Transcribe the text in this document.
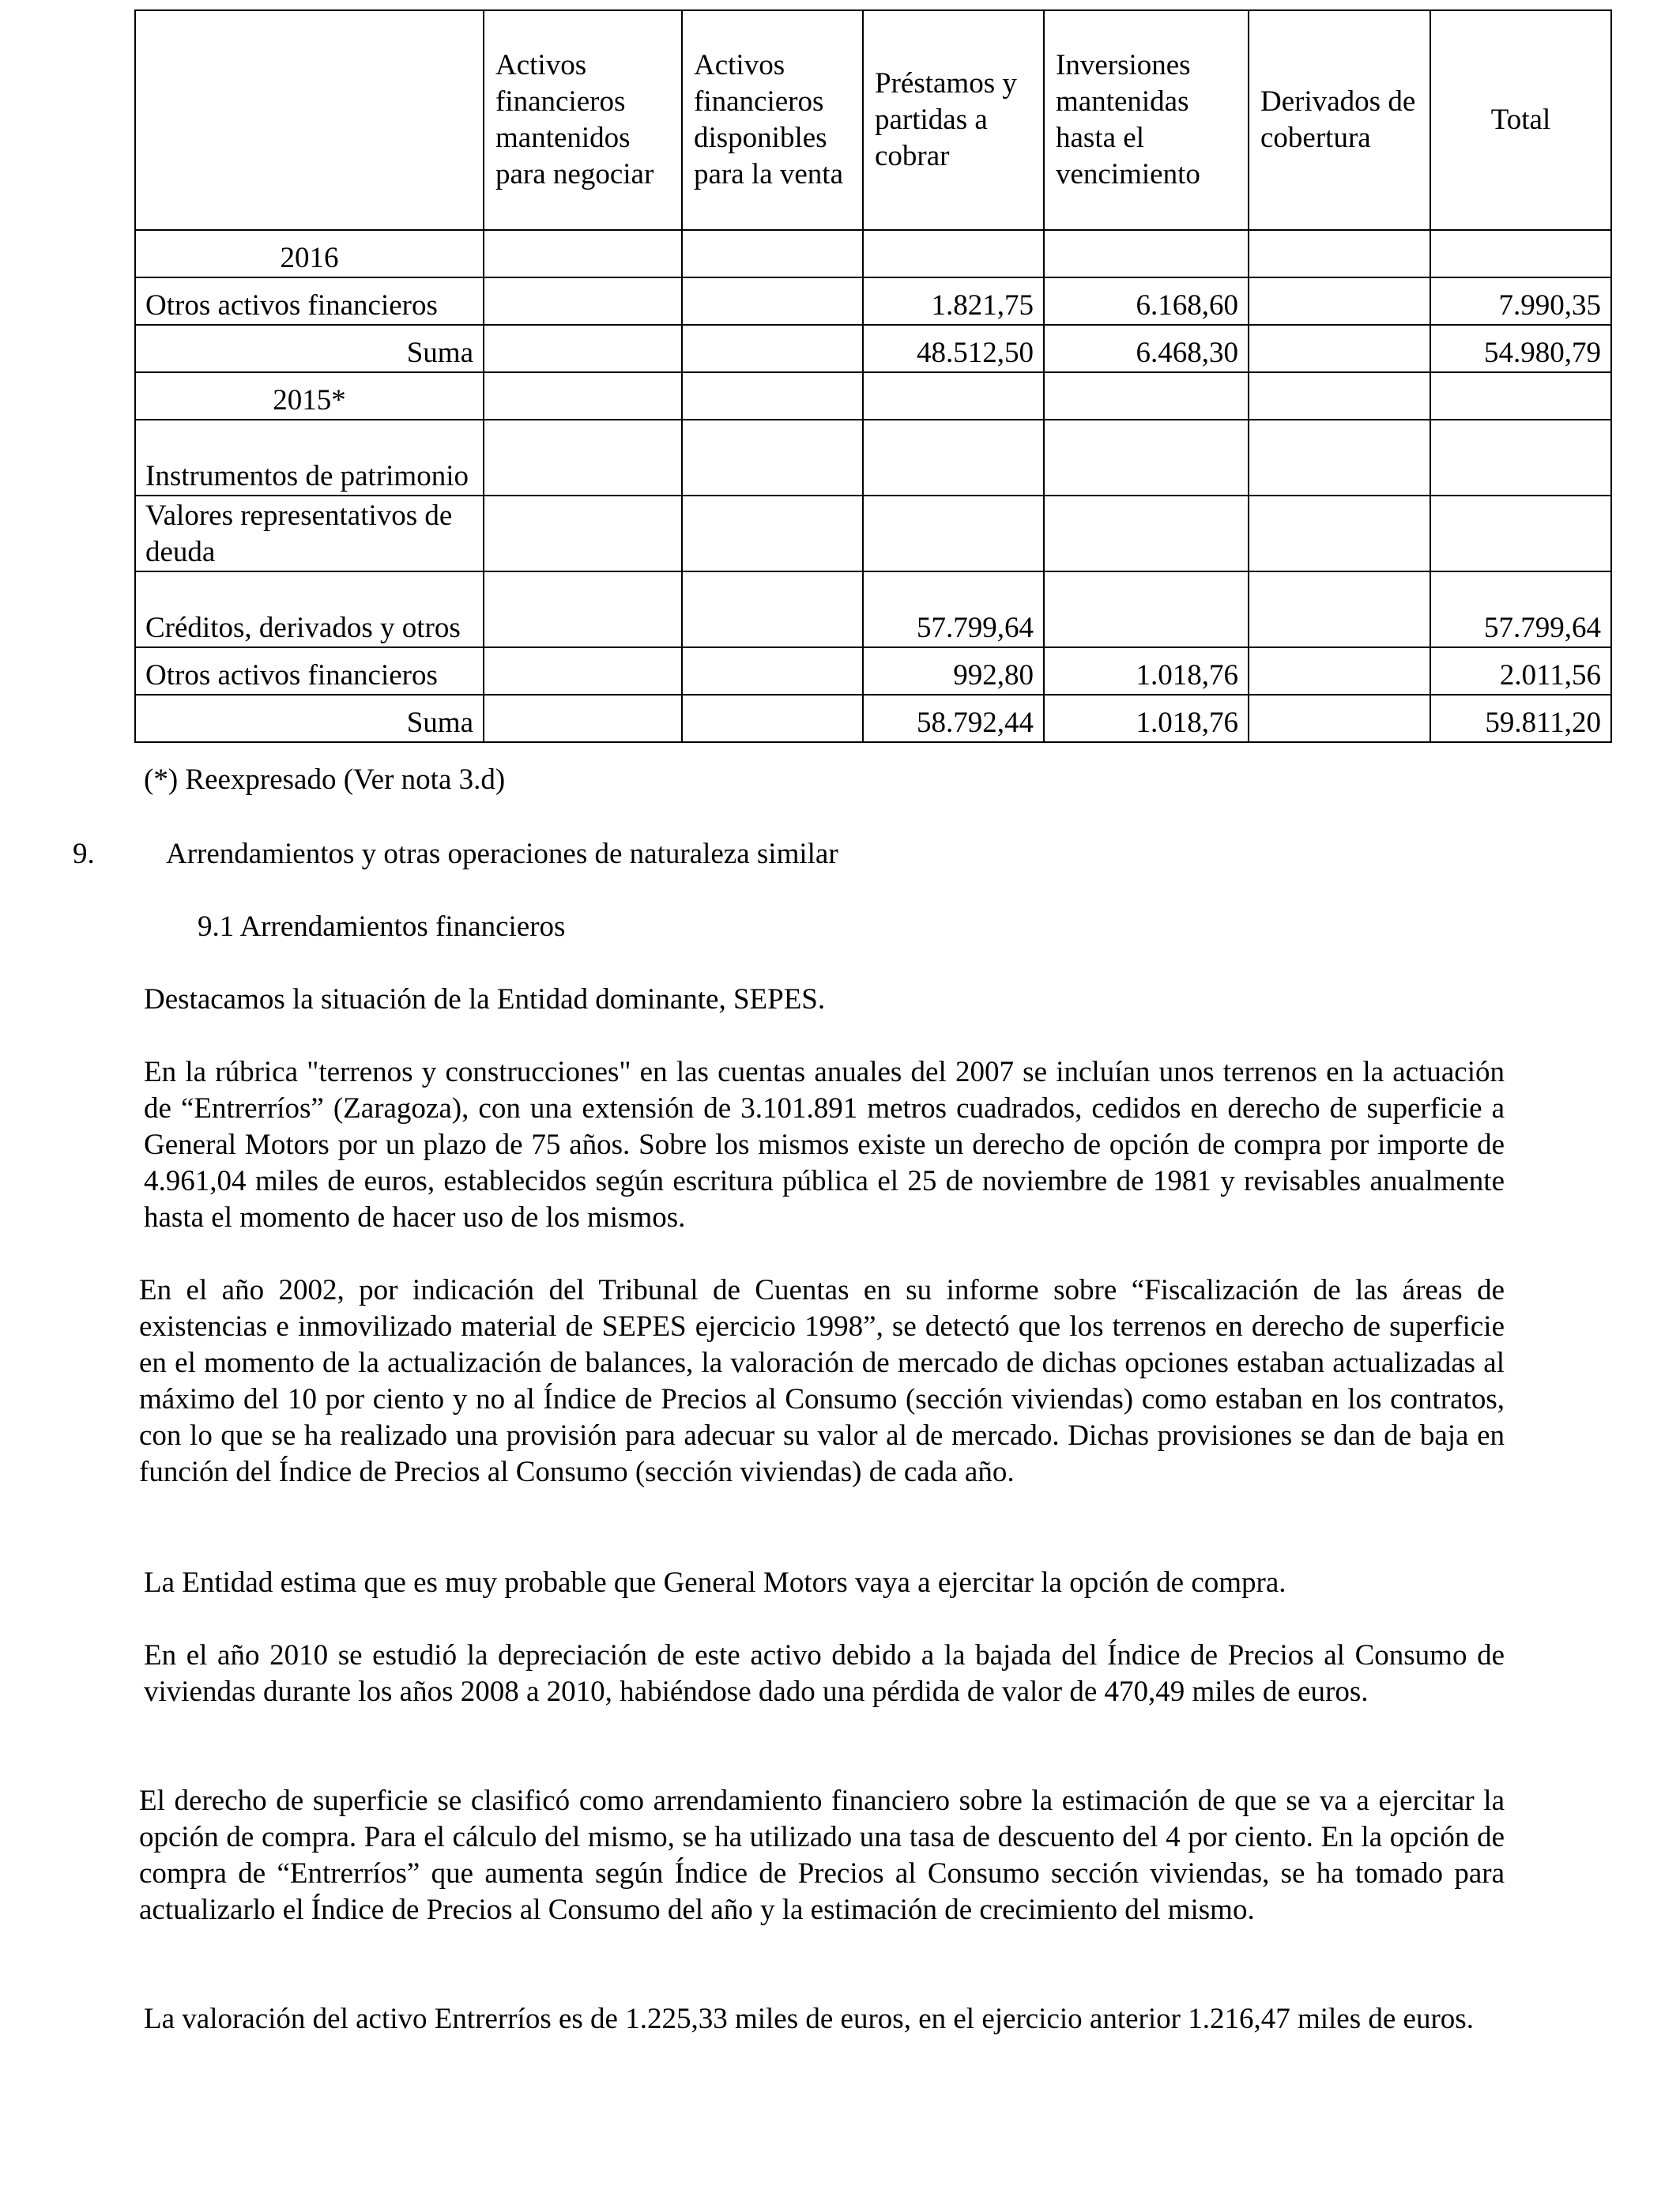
	Activos financieros mantenidos para negociar	Activos financieros disponibles para la venta	Préstamos y partidas a cobrar	Inversiones mantenidas hasta el vencimiento	Derivados de cobertura	Total
2016						
Otros activos financieros			1.821,75	6.168,60		7.990,35
Suma			48.512,50	6.468,30		54.980,79
2015*						
Instrumentos de patrimonio						
Valores representativos de deuda						
Créditos, derivados y otros			57.799,64			57.799,64
Otros activos financieros			992,80	1.018,76		2.011,56
Suma			58.792,44	1.018,76		59.811,20
(*) Reexpresado (Ver nota 3.d)
9. Arrendamientos y otras operaciones de naturaleza similar
9.1 Arrendamientos financieros

Destacamos la situación de la Entidad dominante, SEPES.

En la rúbrica "terrenos y construcciones" en las cuentas anuales del 2007 se incluían unos terrenos en la actuación de “Entrerríos” (Zaragoza), con una extensión de 3.101.891 metros cuadrados, cedidos en derecho de superficie a General Motors por un plazo de 75 años. Sobre los mismos existe un derecho de opción de compra por importe de 4.961,04 miles de euros, establecidos según escritura pública el 25 de noviembre de 1981 y revisables anualmente hasta el momento de hacer uso de los mismos.

En el año 2002, por indicación del Tribunal de Cuentas en su informe sobre “Fiscalización de las áreas de existencias e inmovilizado material de SEPES ejercicio 1998”, se detectó que los terrenos en derecho de superficie en el momento de la actualización de balances, la valoración de mercado de dichas opciones estaban actualizadas al máximo del 10 por ciento y no al Índice de Precios al Consumo (sección viviendas) como estaban en los contratos, con lo que se ha realizado una provisión para adecuar su valor al de mercado. Dichas provisiones se dan de baja en función del Índice de Precios al Consumo (sección viviendas) de cada año.

La Entidad estima que es muy probable que General Motors vaya a ejercitar la opción de compra.

En el año 2010 se estudió la depreciación de este activo debido a la bajada del Índice de Precios al Consumo de viviendas durante los años 2008 a 2010, habiéndose dado una pérdida de valor de 470,49 miles de euros.

El derecho de superficie se clasificó como arrendamiento financiero sobre la estimación de que se va a ejercitar la opción de compra. Para el cálculo del mismo, se ha utilizado una tasa de descuento del 4 por ciento. En la opción de compra de “Entrerríos” que aumenta según Índice de Precios al Consumo sección viviendas, se ha tomado para actualizarlo el Índice de Precios al Consumo del año y la estimación de crecimiento del mismo.

La valoración del activo Entrerríos es de 1.225,33 miles de euros, en el ejercicio anterior 1.216,47 miles de euros.
